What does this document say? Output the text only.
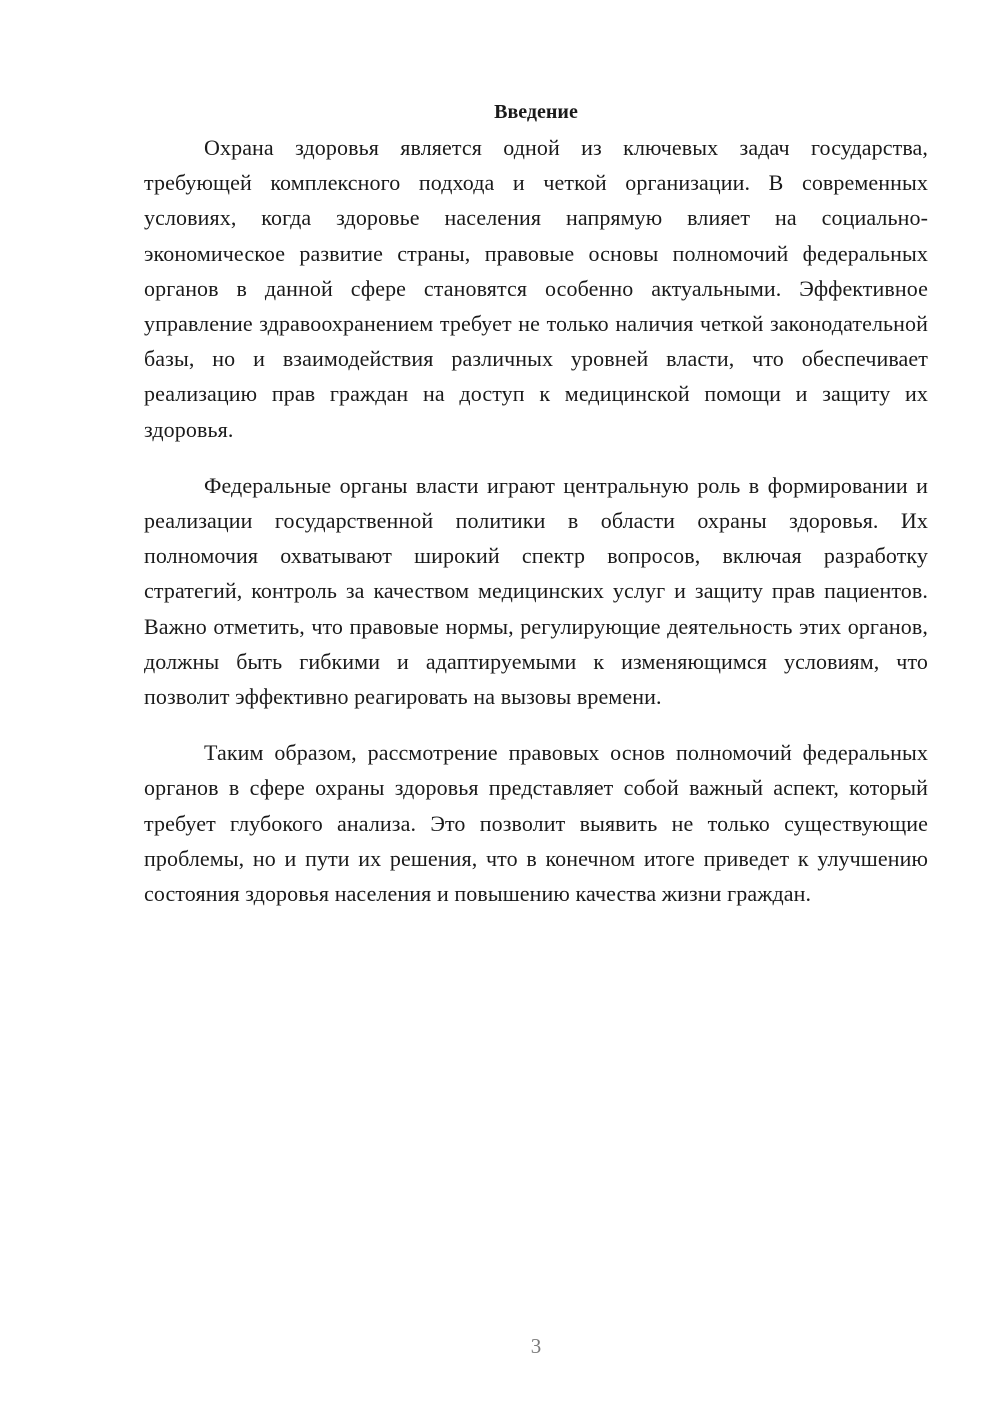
Введение

Охрана здоровья является одной из ключевых задач государства, требующей комплексного подхода и четкой организации. В современных условиях, когда здоровье населения напрямую влияет на социально-экономическое развитие страны, правовые основы полномочий федеральных органов в данной сфере становятся особенно актуальными. Эффективное управление здравоохранением требует не только наличия четкой законодательной базы, но и взаимодействия различных уровней власти, что обеспечивает реализацию прав граждан на доступ к медицинской помощи и защиту их здоровья.

Федеральные органы власти играют центральную роль в формировании и реализации государственной политики в области охраны здоровья. Их полномочия охватывают широкий спектр вопросов, включая разработку стратегий, контроль за качеством медицинских услуг и защиту прав пациентов. Важно отметить, что правовые нормы, регулирующие деятельность этих органов, должны быть гибкими и адаптируемыми к изменяющимся условиям, что позволит эффективно реагировать на вызовы времени.

Таким образом, рассмотрение правовых основ полномочий федеральных органов в сфере охраны здоровья представляет собой важный аспект, который требует глубокого анализа. Это позволит выявить не только существующие проблемы, но и пути их решения, что в конечном итоге приведет к улучшению состояния здоровья населения и повышению качества жизни граждан.

3
